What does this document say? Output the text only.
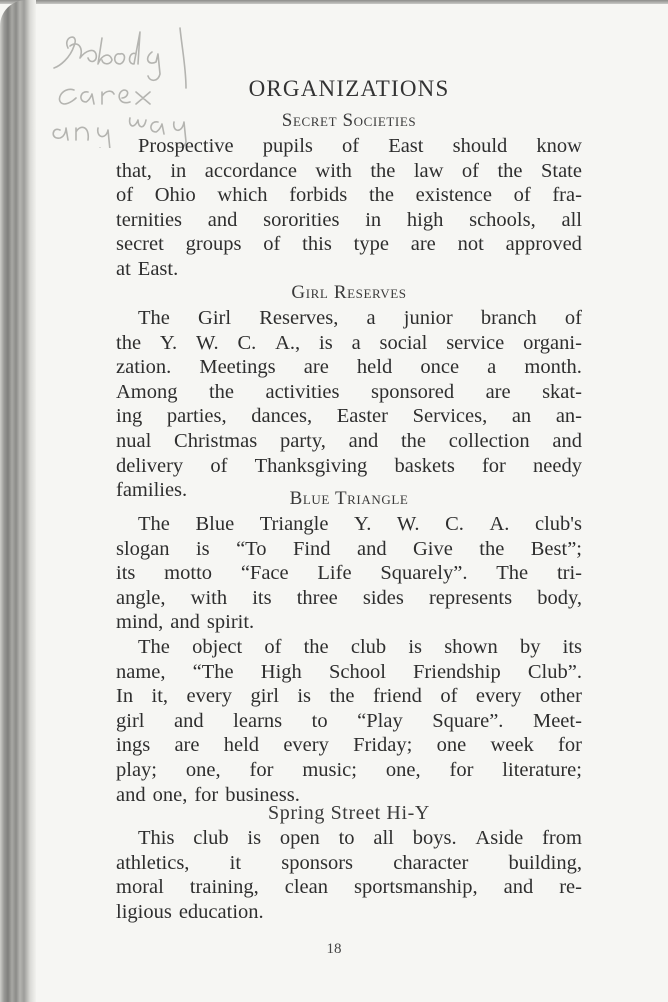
ORGANIZATIONS
Secret Societies
Prospective pupils of East should know
that, in accordance with the law of the State
of Ohio which forbids the existence of fra-
ternities and sororities in high schools, all
secret groups of this type are not approved
at East.
Girl Reserves
The Girl Reserves, a junior branch of
the Y. W. C. A., is a social service organi-
zation. Meetings are held once a month.
Among the activities sponsored are skat-
ing parties, dances, Easter Services, an an-
nual Christmas party, and the collection and
delivery of Thanksgiving baskets for needy
families.	Blue Triangle
The Blue Triangle Y. W. C. A. club's
slogan is “To Find and Give the Best”;
its motto “Face Life Squarely”. The tri-
angle, with its three sides represents body,
mind, and spirit.
The object of the club is shown by its
name, “The High School Friendship Club”.
In it, every girl is the friend of every other
girl and learns to “Play Square”. Meet-
ings are held every Friday; one week for
play; one, for music; one, for literature;
and one, for business.
Spring Street Hi-Y
This club is open to all boys. Aside from
athletics, it sponsors character building,
moral training, clean sportsmanship, and re-
ligious education.
18
